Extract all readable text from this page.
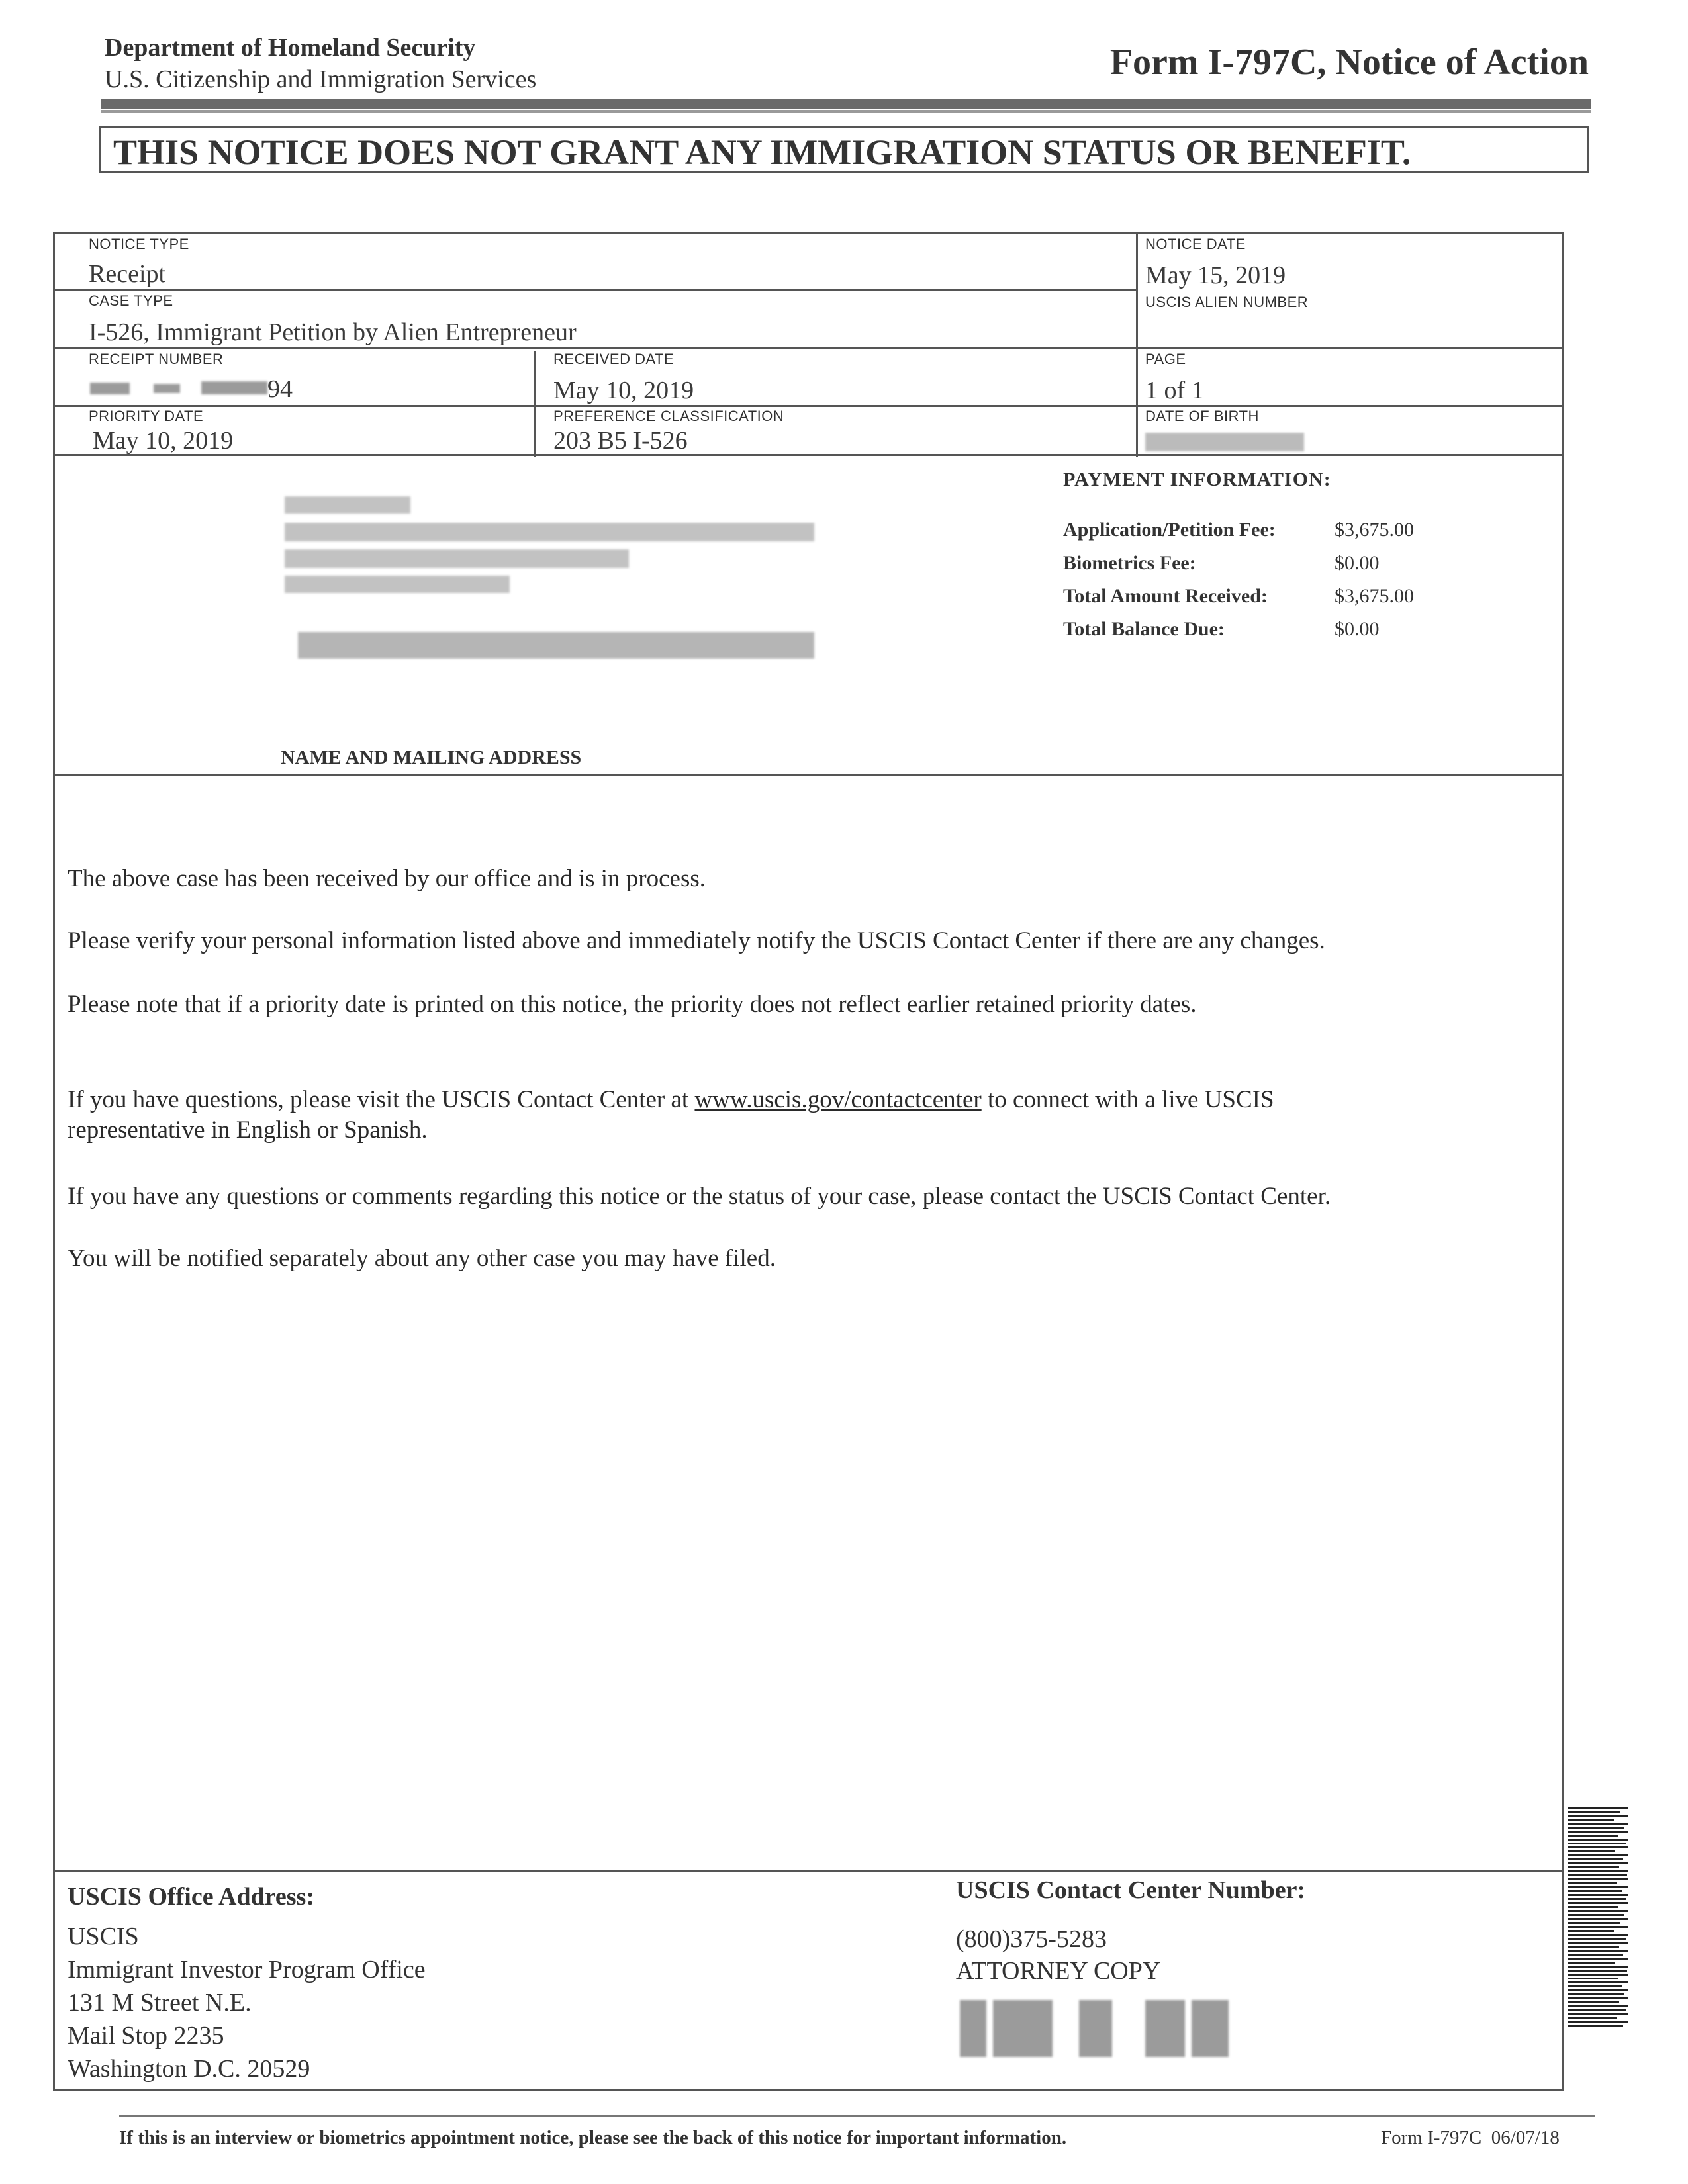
Department of Homeland Security
U.S. Citizenship and Immigration Services	Form I-797C, Notice of Action
THIS NOTICE DOES NOT GRANT ANY IMMIGRATION STATUS OR BENEFIT.
NOTICE TYPE
Receipt
NOTICE DATE
May 15, 2019
CASE TYPE
I-526, Immigrant Petition by Alien Entrepreneur
USCIS ALIEN NUMBER
RECEIPT NUMBER
94
RECEIVED DATE
May 10, 2019
PAGE
1 of 1
PRIORITY DATE
May 10, 2019
PREFERENCE CLASSIFICATION
203 B5 I-526
DATE OF BIRTH
NAME AND MAILING ADDRESS
PAYMENT INFORMATION:
Application/Petition Fee:	$3,675.00
Biometrics Fee:	$0.00
Total Amount Received:	$3,675.00
Total Balance Due:	$0.00
The above case has been received by our office and is in process.
Please verify your personal information listed above and immediately notify the USCIS Contact Center if there are any changes.
Please note that if a priority date is printed on this notice, the priority does not reflect earlier retained priority dates.
If you have questions, please visit the USCIS Contact Center at www.uscis.gov/contactcenter to connect with a live USCIS
representative in English or Spanish.
If you have any questions or comments regarding this notice or the status of your case, please contact the USCIS Contact Center.
You will be notified separately about any other case you may have filed.
USCIS Office Address:
USCIS
Immigrant Investor Program Office
131 M Street N.E.
Mail Stop 2235
Washington D.C. 20529
USCIS Contact Center Number:
(800)375-5283
ATTORNEY COPY
If this is an interview or biometrics appointment notice, please see the back of this notice for important information.	Form I-797C  06/07/18
